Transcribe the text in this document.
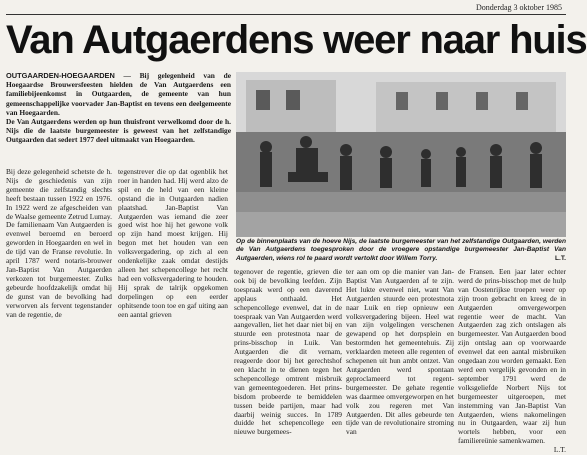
Donderdag 3 oktober 1985
Van Autgaerdens weer naar huis
OUTGAARDEN-HOEGAARDEN — Bij gelegenheid van de Hoegaardse Brouwersfeesten hielden de Van Autgaerdens een familiebijeenkomst in Outgaarden, de gemeente van hun gemeenschappelijke voorvader Jan-Baptist en tevens een deelgemeente van Hoegaarden.
De Van Autgaerdens werden op hun thuisfront verwelkomd door de h. Nijs die de laatste burgemeester is geweest van het zelfstandige Outgaarden dat sedert 1977 deel uitmaakt van Hoegaarden.
Op de binnenplaats van de hoeve Nijs, de laatste burgemeester van het zelfstandige Outgaarden, werden de Van Autgaerdens toegesproken door de vroegere opstandige burgemeester Jan-Baptist Van Autgaerden, wiens rol te paard wordt vertolkt door Willem Torry.	L.T.

Bij deze gelegenheid schetste de h. Nijs de geschiedenis van zijn gemeente die zelfstandig slechts heeft bestaan tussen 1922 en 1976. In 1922 werd ze afgescheiden van de Waalse gemeente Zetrud Lumay. De familienaam Van Autgaerden is evenwel beroemd en beroerd geworden in Hoegaarden en wel in de tijd van de Franse revolutie. In april 1787 werd notaris-brouwer Jan-Baptist Van Autgaerden verkozen tot burgemeester. Zulks gebeurde hoofdzakelijk omdat hij de gunst van de bevolking had verworven als fervent tegenstander van de regentie, de

tegenstrever die op dat ogenblik het roer in handen had. Hij werd alzo de spil en de held van een kleine opstand die in Outgaarden nadien plaatshad. Jan-Baptist Van Autgaerden was iemand die zeer goed wist hoe hij het gewone volk op zijn hand moest krijgen. Hij begon met het houden van een volksvergadering, op zich al een ondenkelijke zaak omdat destijds alleen het schepencollege het recht had een volksvergadering te houden. Hij sprak de talrijk opgekomen dorpelingen op een eerder ophitsende toon toe en gaf uiting aan een aantal grieven

tegenover de regentie, grieven die ook bij de bevolking leefden. Zijn toespraak werd op een daverend applaus onthaald. Het schepencollege evenwel, dat in de toespraak van Van Autgaerden werd aangevallen, liet het daar niet bij en stuurde een protestnota naar de prins-bisschop in Luik. Van Autgaerden die dit vernam, reageerde door bij het gerechtshof een klacht in te dienen tegen het schepencollege omtrent misbruik van gemeentegoederen. Het prins-bisdom probeerde te bemiddelen tussen beide partijen, maar had daarbij weinig succes. In 1789 duidde het schepencollege een nieuwe burgemees-

ter aan om op die manier van Jan-Baptist Van Autgaerden af te zijn. Het lukte evenwel niet, want Van Autgaerden stuurde een protestnota naar Luik en riep opnieuw een volksvergadering bijeen. Heel wat van zijn volgelingen verschenen gewapend op het dorpsplein en bestormden het gemeentehuis. Zij verklaarden meteen alle regenten of schepenen uit hun ambt ontzet. Van Autgaerden werd spontaan geproclameerd tot regent-burgemeester. De gehate regentie was daarmee omvergeworpen en het volk zou regeren met Van Autgaerden. Dit alles gebeurde ten tijde van de revolutionaire stroming van

de Fransen. Een jaar later echter werd de prins-bisschop met de hulp van Oostenrijkse troepen weer op zijn troon gebracht en kreeg de in Autgaerden omvergeworpen regentie weer de macht. Van Autgaerden zag zich ontslagen als burgemeester. Van Autgaerden bood zijn ontslag aan op voorwaarde evenwel dat een aantal misbruiken ongedaan zou worden gemaakt. Een werd een vergelijk gevonden en in september 1791 werd de volksgeliefde Norbert Nijs tot burgemeester uitgeroepen, met instemming van Jan-Baptist Van Autgaerden, wiens nakomelingen nu in Outgaarden, waar zij hun wortels hebben, voor een familiereünie samenkwamen.

L.T.
